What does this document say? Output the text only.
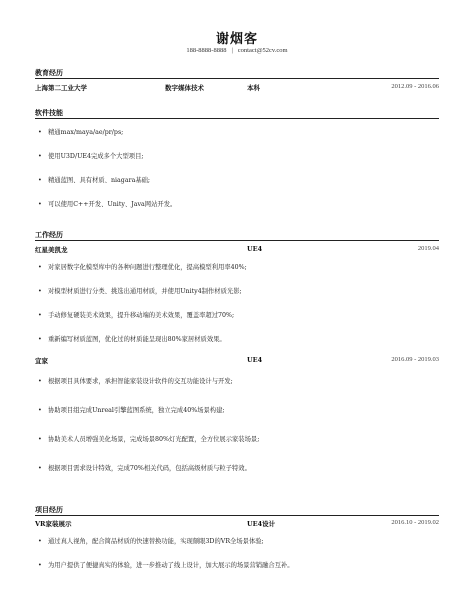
谢烟客
188-8888-8888 | contact@52cv.com
教育经历
上海第二工业大学	数字媒体技术	本科	2012.09 - 2016.06
软件技能
• 精通max/maya/ae/pr/ps;
• 使用U3D/UE4完成多个大型项目;
• 精通蓝图、具有材质、niagara基础;
• 可以使用C++开发、Unity、Java网站开发。
工作经历
红星美凯龙	UE4	2019.04
• 对家居数字化模型库中的各种问题进行整理优化，提高模型利用率40%;
• 对模型材质进行分类、挑选出通用材质，并使用Unity4制作材质光影;
• 手动修复硬装美术效果，提升移动端的美术效果，覆盖率超过70%;
• 重新编写材质蓝图，优化过的材质能呈现出80%家居材质效果。
宜家	UE4	2016.09 - 2019.03
• 根据项目具体要求，承担智能家装设计软件的交互功能设计与开发;
• 协助项目组完成Unreal引擎蓝图系统，独立完成40%场景构建;
• 协助美术人员增强美化场景，完成场景80%灯光配置，全方位展示家装场景;
• 根据项目需求设计特效，完成70%相关代码，包括高级材质与粒子特效。
项目经历
VR家装展示	UE4设计	2016.10 - 2019.02
• 通过真人视角，配合简品材质的快速替换功能，实现颇眼3D的VR全场景体验;
• 为用户提供了便捷真实的体验，进一步推动了线上设计，加大展示的场景营销融合互补。
